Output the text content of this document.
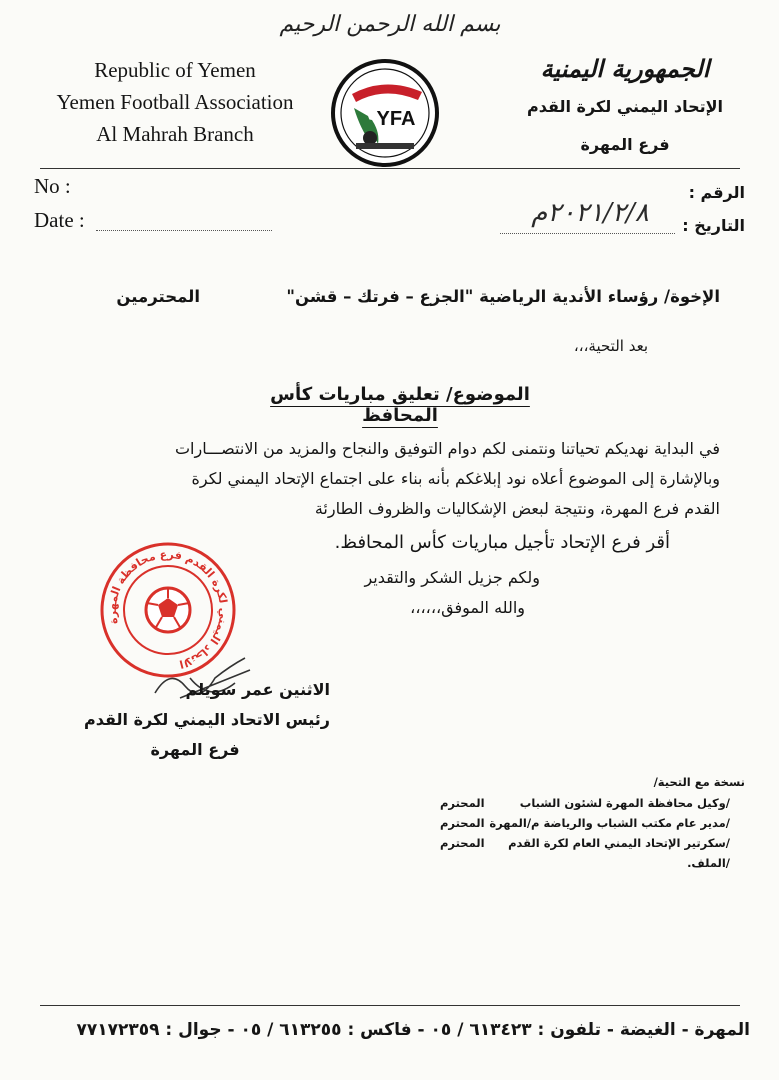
بسم الله الرحمن الرحيم
Republic of Yemen
Yemen Football Association
Al Mahrah Branch
YFA
الجمهورية اليمنية
الإتحاد اليمني لكرة القدم
فرع المهرة
No :
Date :
الرقم :
التاريخ :
٢٠٢١/٢/٨م
الإخوة/ رؤساء الأندية الرياضية "الجزع – فرتك – قشن"
المحترمين
بعد التحية،،،
الموضوع/ تعليق مباريات كأس المحافظ
في البداية نهديكم تحياتنا ونتمنى لكم دوام التوفيق والنجاح والمزيد من الانتصـــارات
وبالإشارة إلى الموضوع أعلاه نود إبلاغكم بأنه بناء على اجتماع الإتحاد اليمني لكرة
القدم فرع المهرة، ونتيجة لبعض الإشكاليات والظروف الطارئة
أقر فرع الإتحاد تأجيل مباريات كأس المحافظ.
ولكم جزيل الشكر والتقدير
والله الموفق،،،،،،
الاتحاد اليمني لكرة القدم فرع محافظة المهرة
الاثنين عمر سويلم
رئيس الاتحاد اليمني لكرة القدم
فرع المهرة
نسخة مع التحية/
/وكيل محافظة المهرة لشئون الشباب
المحترم
/مدير عام مكتب الشباب والرياضة م/المهرة
المحترم
/سكرتير الإتحاد اليمني العام لكرة القدم
المحترم
/الملف.
المهرة - الغيضة - تلفون : ٦١٣٤٢٣ / ٠٥ - فاكس : ٦١٣٢٥٥ / ٠٥ - جوال : ٧٧١٧٢٣٥٩
